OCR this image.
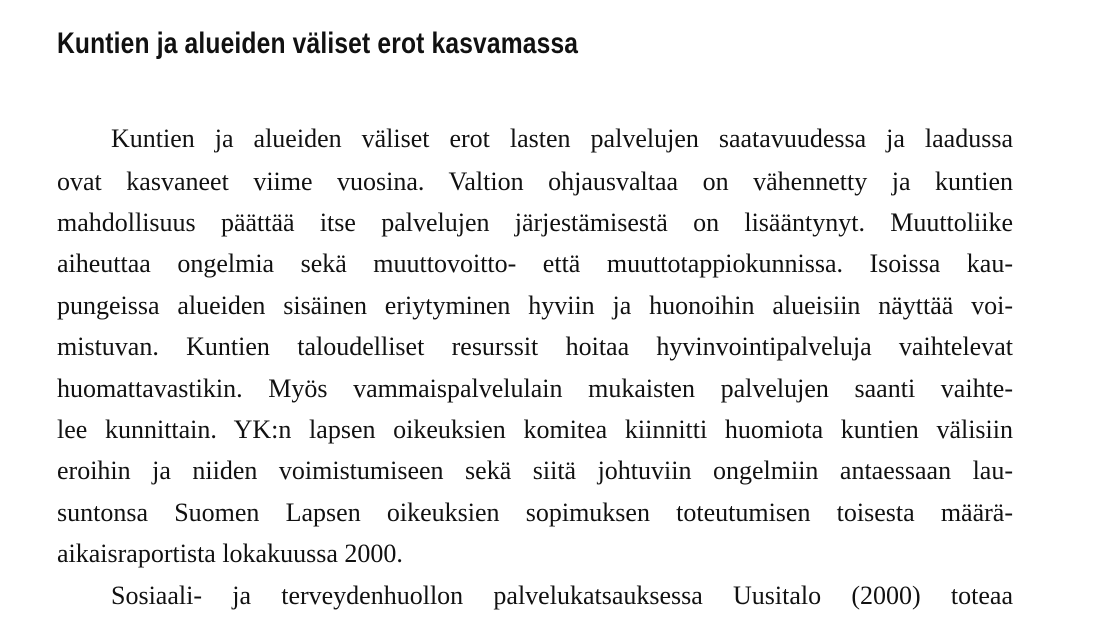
Kuntien ja alueiden väliset erot kasvamassa

Kuntien ja alueiden väliset erot lasten palvelujen saatavuudessa ja laadussa

ovat kasvaneet viime vuosina. Valtion ohjausvaltaa on vähennetty ja kuntien

mahdollisuus päättää itse palvelujen järjestämisestä on lisääntynyt. Muuttoliike

aiheuttaa ongelmia sekä muuttovoitto- että muuttotappiokunnissa. Isoissa kau-

pungeissa alueiden sisäinen eriytyminen hyviin ja huonoihin alueisiin näyttää voi-

mistuvan. Kuntien taloudelliset resurssit hoitaa hyvinvointipalveluja vaihtelevat

huomattavastikin. Myös vammaispalvelulain mukaisten palvelujen saanti vaihte-

lee kunnittain. YK:n lapsen oikeuksien komitea kiinnitti huomiota kuntien välisiin

eroihin ja niiden voimistumiseen sekä siitä johtuviin ongelmiin antaessaan lau-

suntonsa Suomen Lapsen oikeuksien sopimuksen toteutumisen toisesta määrä-

aikaisraportista lokakuussa 2000.

Sosiaali- ja terveydenhuollon palvelukatsauksessa Uusitalo (2000) toteaa
